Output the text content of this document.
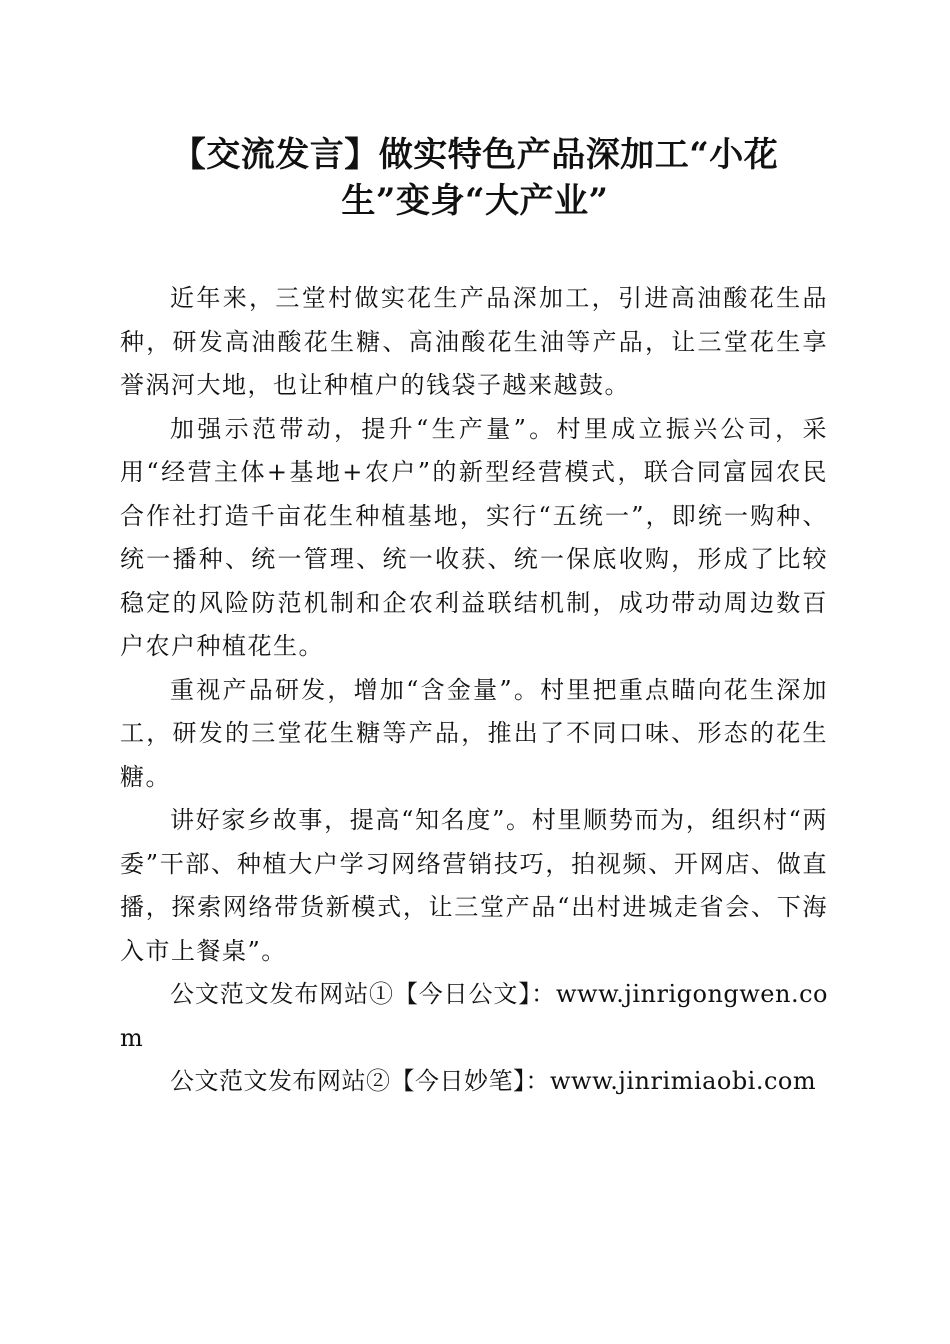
【交流发言】做实特色产品深加工“小花生”变身“大产业”

近年来，三堂村做实花生产品深加工，引进高油酸花生品种，研发高油酸花生糖、高油酸花生油等产品，让三堂花生享誉涡河大地，也让种植户的钱袋子越来越鼓。

加强示范带动，提升“生产量”。村里成立振兴公司，采用“经营主体+基地+农户”的新型经营模式，联合同富园农民合作社打造千亩花生种植基地，实行“五统一”，即统一购种、统一播种、统一管理、统一收获、统一保底收购，形成了比较稳定的风险防范机制和企农利益联结机制，成功带动周边数百户农户种植花生。

重视产品研发，增加“含金量”。村里把重点瞄向花生深加工，研发的三堂花生糖等产品，推出了不同口味、形态的花生糖。

讲好家乡故事，提高“知名度”。村里顺势而为，组织村“两委”干部、种植大户学习网络营销技巧，拍视频、开网店、做直播，探索网络带货新模式，让三堂产品“出村进城走省会、下海入市上餐桌”。

公文范文发布网站①【今日公文】：www.jinrigongwen.com

公文范文发布网站②【今日妙笔】：www.jinrimiaobi.com
